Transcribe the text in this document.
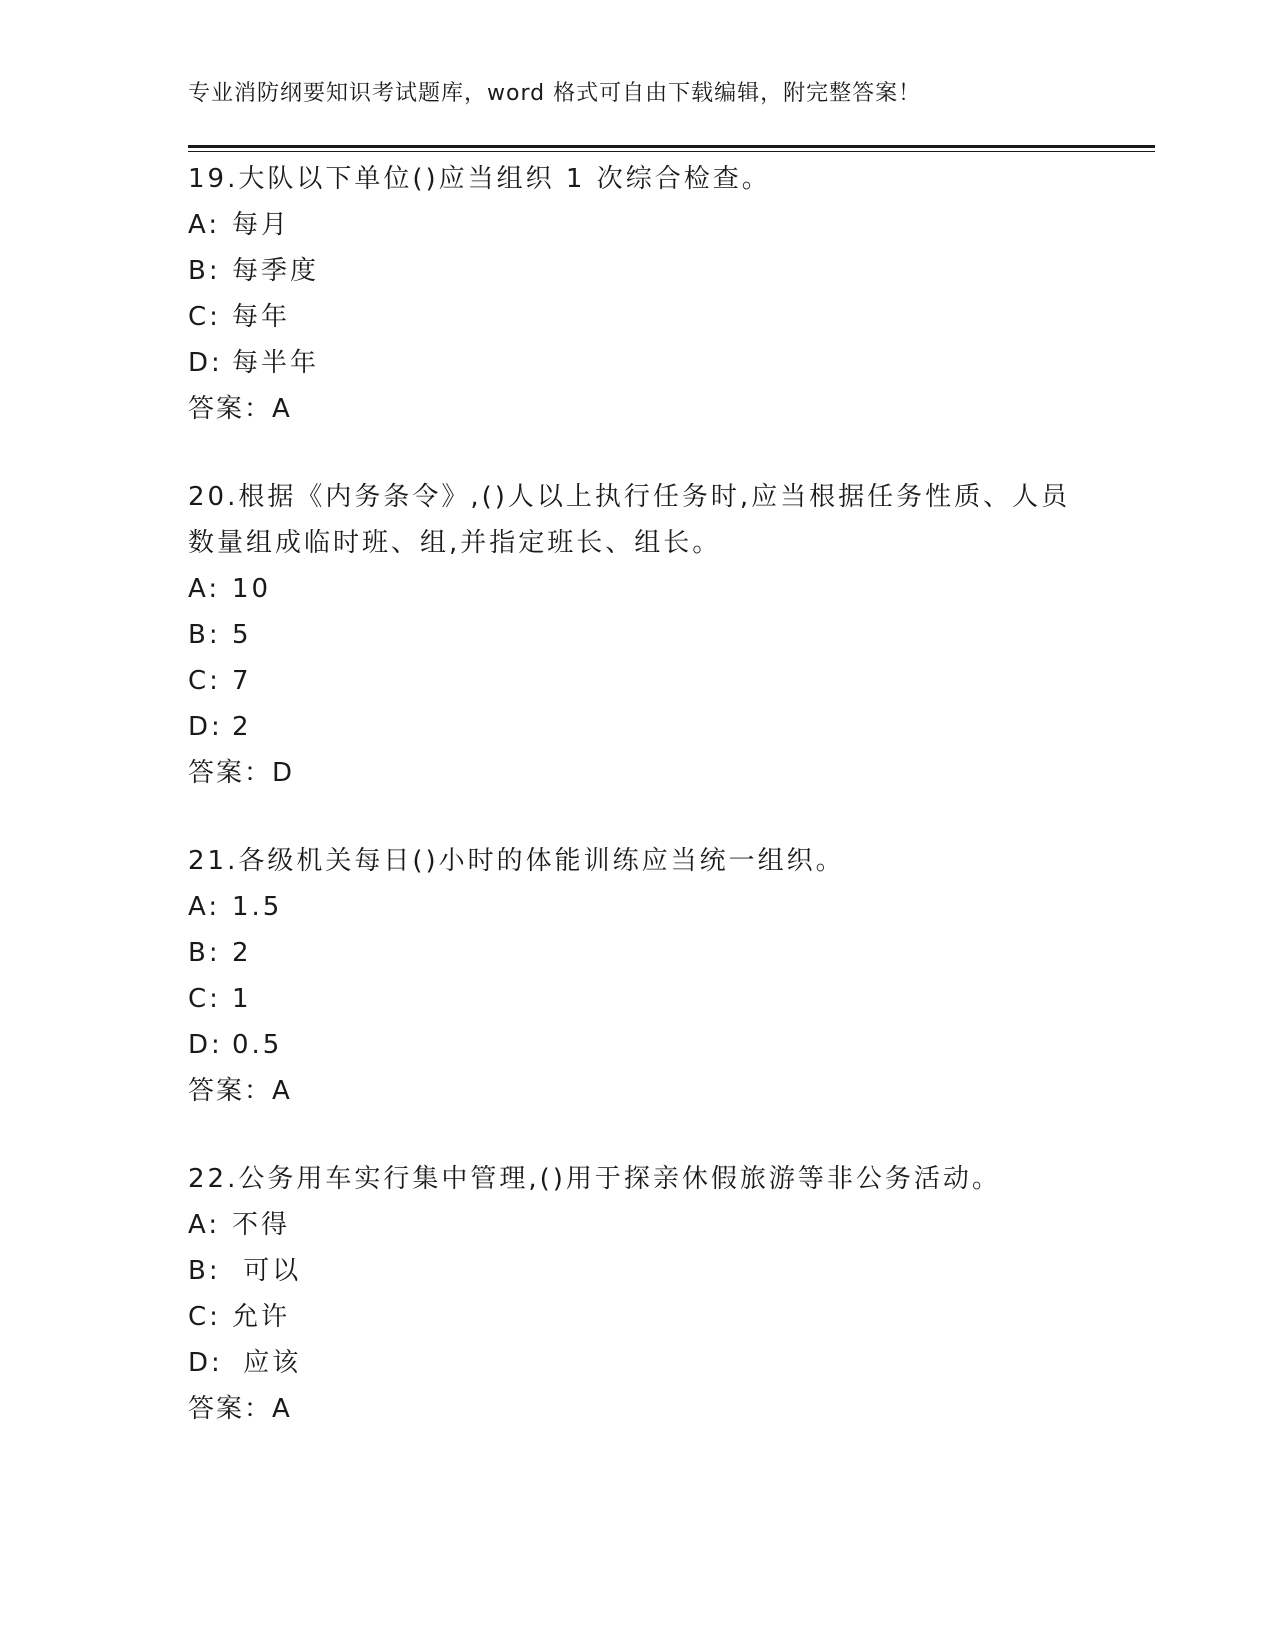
专业消防纲要知识考试题库，word 格式可自由下载编辑，附完整答案！
19.大队以下单位()应当组织 1 次综合检查。
A: 每月
B: 每季度
C: 每年
D: 每半年
答案：A
20.根据《内务条令》,()人以上执行任务时,应当根据任务性质、人员数量组成临时班、组,并指定班长、组长。
A: 10
B: 5
C: 7
D: 2
答案：D
21.各级机关每日()小时的体能训练应当统一组织。
A: 1.5
B: 2
C: 1
D: 0.5
答案：A
22.公务用车实行集中管理,()用于探亲休假旅游等非公务活动。
A: 不得
B: 可以
C: 允许
D: 应该
答案：A
